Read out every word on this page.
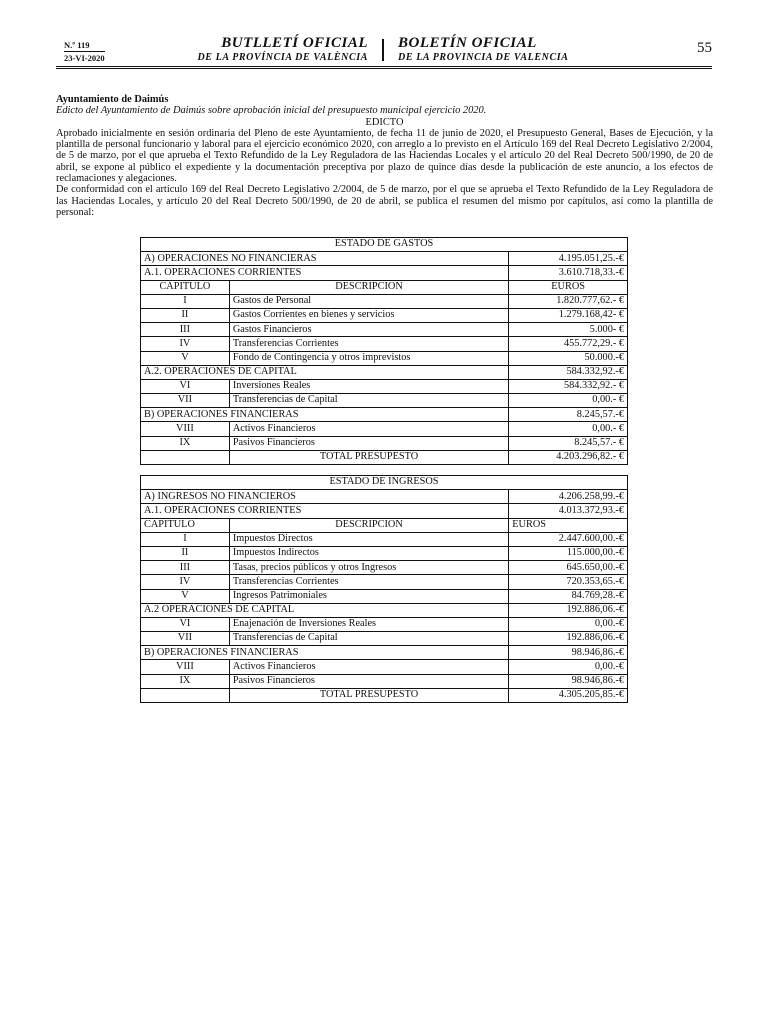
N.º 119
23-VI-2020
BUTLLETÍ OFICIAL
DE LA PROVÍNCIA DE VALÈNCIA
BOLETÍN OFICIAL
DE LA PROVINCIA DE VALENCIA
55

Ayuntamiento de Daimús

Edicto del Ayuntamiento de Daimús sobre aprobación inicial del presupuesto municipal ejercicio 2020.

EDICTO

Aprobado inicialmente en sesión ordinaria del Pleno de este Ayuntamiento, de fecha 11 de junio de 2020, el Presupuesto General, Bases de Ejecución, y la plantilla de personal funcionario y laboral para el ejercicio económico 2020, con arreglo a lo previsto en el Artículo 169 del Real Decreto Legislativo 2/2004, de 5 de marzo, por el que aprueba el Texto Refundido de la Ley Reguladora de las Haciendas Locales y el artículo 20 del Real Decreto 500/1990, de 20 de abril, se expone al público el expediente y la documentación preceptiva por plazo de quince días desde la publicación de este anuncio, a los efectos de reclamaciones y alegaciones.

De conformidad con el artículo 169 del Real Decreto Legislativo 2/2004, de 5 de marzo, por el que se aprueba el Texto Refundido de la Ley Reguladora de las Haciendas Locales, y artículo 20 del Real Decreto 500/1990, de 20 de abril, se publica el resumen del mismo por capítulos, así como la plantilla de personal:

ESTADO DE GASTOS		
A) OPERACIONES NO FINANCIERAS		4.195.051,25.-€
A.1. OPERACIONES CORRIENTES		3.610.718,33.-€
CAPITULO	DESCRIPCION	EUROS
I	Gastos de Personal	1.820.777,62.- €
II	Gastos Corrientes en bienes y servicios	1.279.168,42- €
III	Gastos Financieros	5.000- €
IV	Transferencias Corrientes	455.772,29.- €
V	Fondo de Contingencia y otros imprevistos	50.000.-€
A.2. OPERACIONES DE CAPITAL		584.332,92.-€
VI	Inversiones Reales	584.332,92.- €
VII	Transferencias de Capital	0,00.- €
B) OPERACIONES FINANCIERAS		8.245,57.-€
VIII	Activos Financieros	0,00.- €
IX	Pasivos Financieros	8.245,57.- €
	TOTAL PRESUPESTO	4.203.296,82.- €
ESTADO DE INGRESOS		
A) INGRESOS NO FINANCIEROS		4.206.258,99.-€
A.1. OPERACIONES CORRIENTES		4.013.372,93.-€
CAPITULO	DESCRIPCION	EUROS
I	Impuestos Directos	2.447.600,00.-€
II	Impuestos Indirectos	115.000,00.-€
III	Tasas, precios públicos y otros Ingresos	645.650,00.-€
IV	Transferencias Corrientes	720.353,65.-€
V	Ingresos Patrimoniales	84.769,28.-€
A.2 OPERACIONES DE CAPITAL		192.886,06.-€
VI	Enajenación de Inversiones Reales	0,00.-€
VII	Transferencias de Capital	192.886,06.-€
B) OPERACIONES FINANCIERAS		98.946,86.-€
VIII	Activos Financieros	0,00.-€
IX	Pasivos Financieros	98.946,86.-€
	TOTAL PRESUPESTO	4.305.205,85.-€
